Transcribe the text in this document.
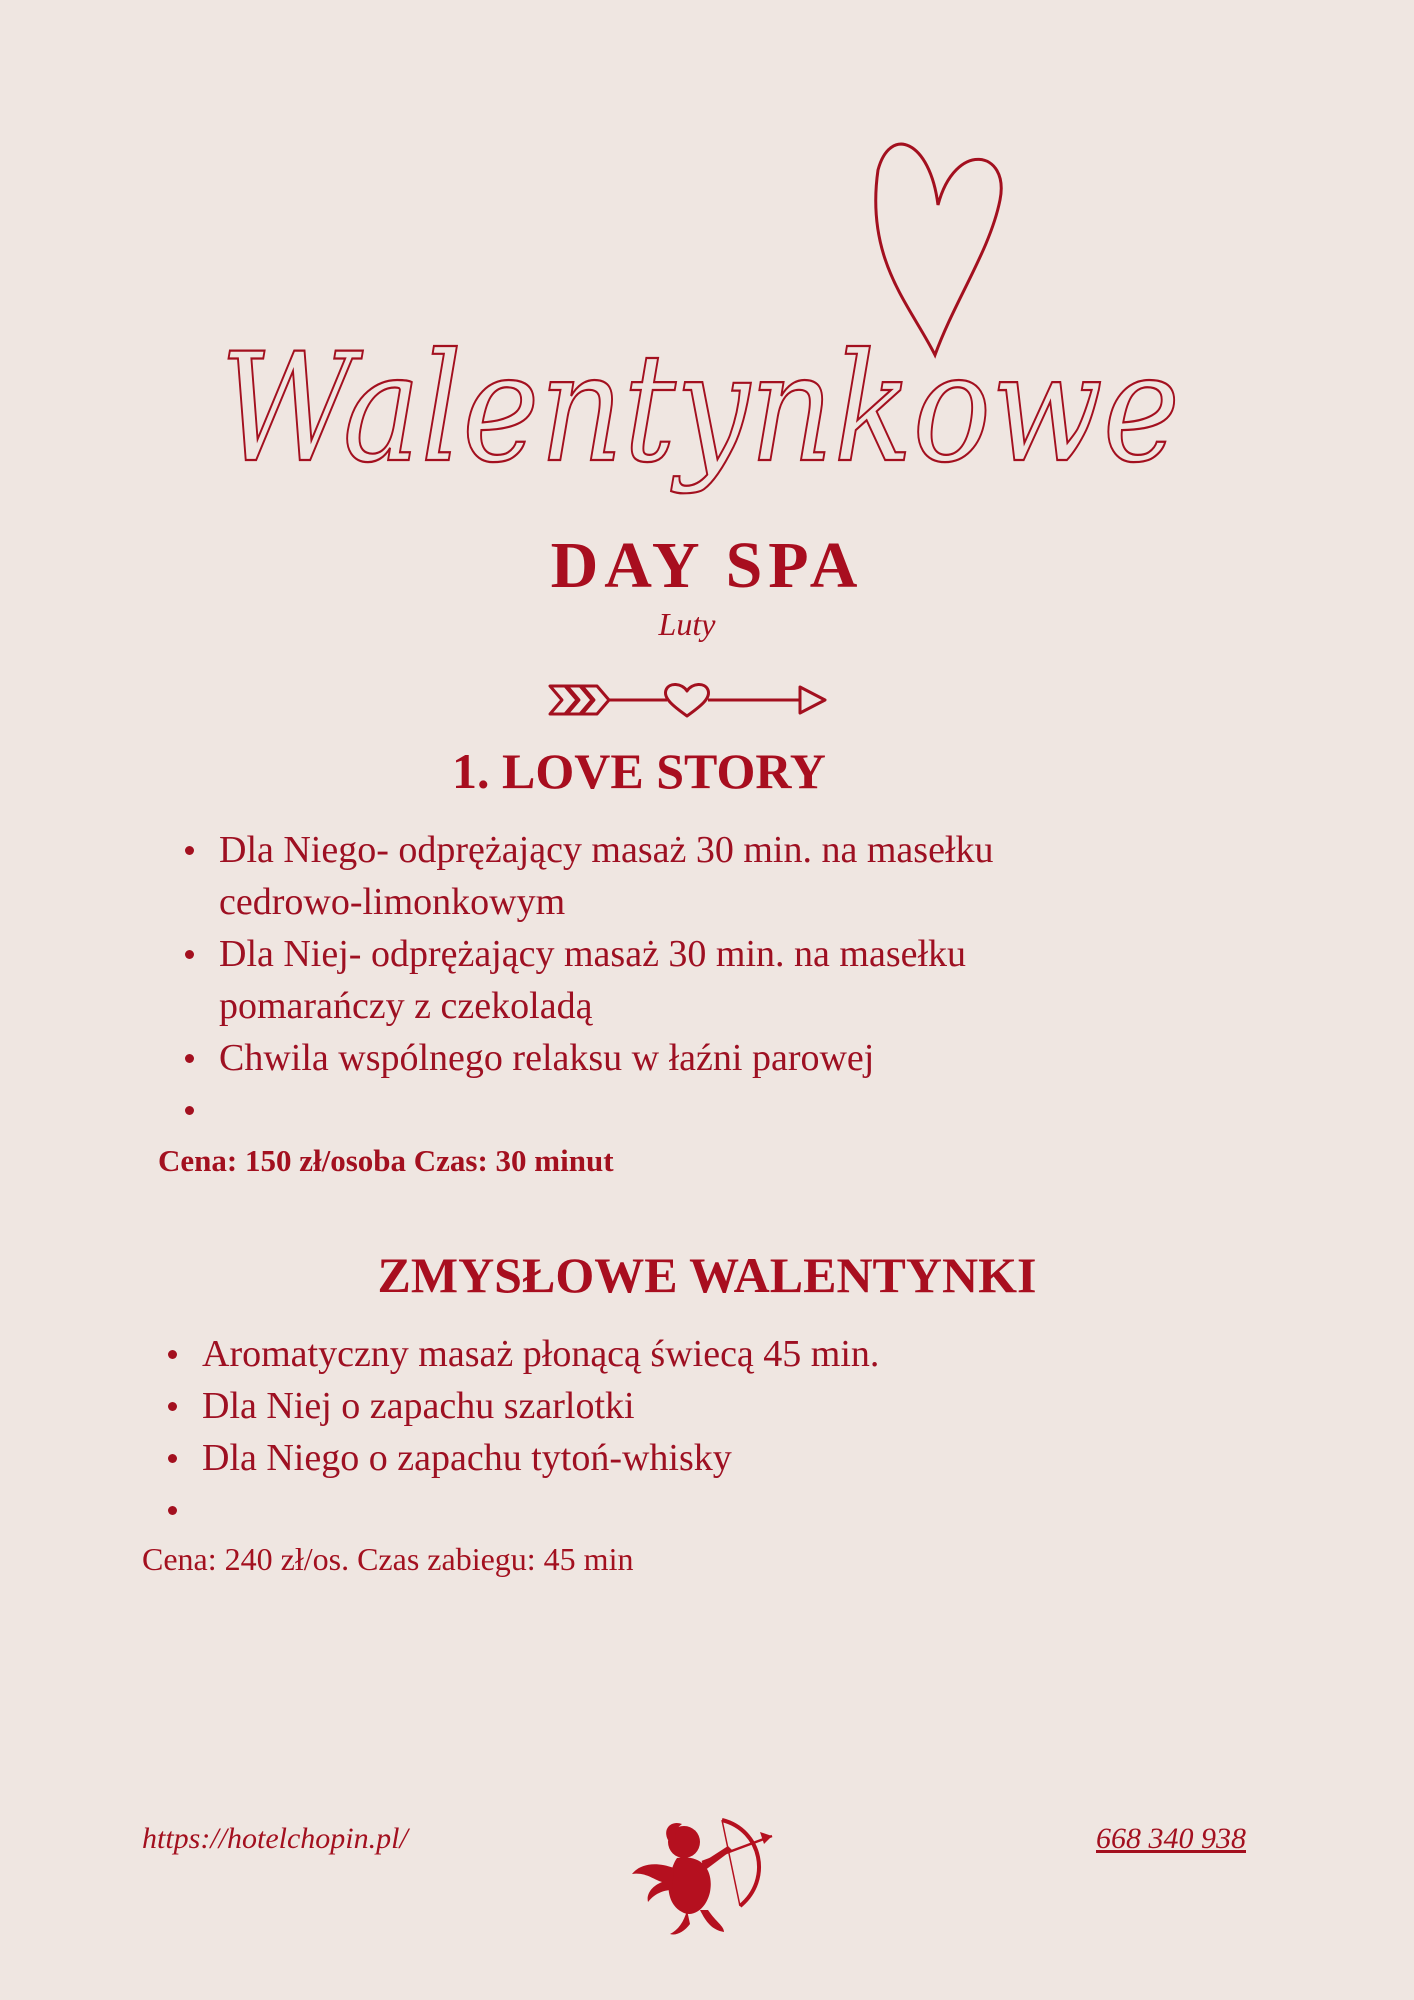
Walentynkowe
DAY SPA
Luty
1. LOVE STORY
Dla Niego- odprężający masaż 30 min. na masełku cedrowo-limonkowym
Dla Niej- odprężający masaż 30 min. na masełku pomarańczy z czekoladą
Chwila wspólnego relaksu w łaźni parowej
Cena: 150 zł/osoba Czas: 30 minut
ZMYSŁOWE WALENTYNKI
Aromatyczny masaż płonącą świecą 45 min.
Dla Niej o zapachu szarlotki
Dla Niego o zapachu tytoń-whisky
Cena: 240 zł/os. Czas zabiegu: 45 min
https://hotelchopin.pl/	668 340 938
